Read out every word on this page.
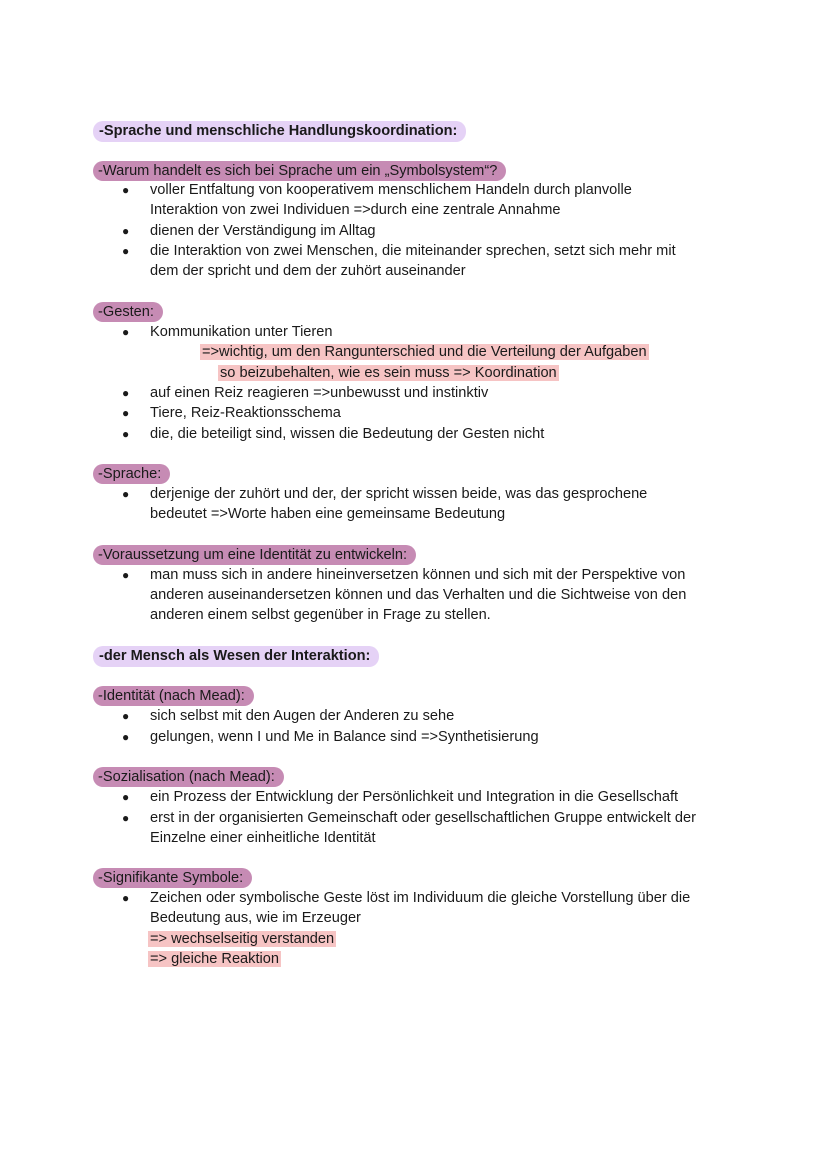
-Sprache und menschliche Handlungskoordination:
-Warum handelt es sich bei Sprache um ein „Symbolsystem“?
●	voller Entfaltung von kooperativem menschlichem Handeln durch planvolle
Interaktion von zwei Individuen =>durch eine zentrale Annahme
●	dienen der Verständigung im Alltag
●	die Interaktion von zwei Menschen, die miteinander sprechen, setzt sich mehr mit
dem der spricht und dem der zuhört auseinander
-Gesten:
●	Kommunikation unter Tieren
=>wichtig, um den Rangunterschied und die Verteilung der Aufgaben
so beizubehalten, wie es sein muss => Koordination
●	auf einen Reiz reagieren =>unbewusst und instinktiv
●	Tiere, Reiz-Reaktionsschema
●	die, die beteiligt sind, wissen die Bedeutung der Gesten nicht
-Sprache:
●	derjenige der zuhört und der, der spricht wissen beide, was das gesprochene
bedeutet =>Worte haben eine gemeinsame Bedeutung
-Voraussetzung um eine Identität zu entwickeln:
●	man muss sich in andere hineinversetzen können und sich mit der Perspektive von
anderen auseinandersetzen können und das Verhalten und die Sichtweise von den
anderen einem selbst gegenüber in Frage zu stellen.
-der Mensch als Wesen der Interaktion:
-Identität (nach Mead):
●	sich selbst mit den Augen der Anderen zu sehe
●	gelungen, wenn I und Me in Balance sind =>Synthetisierung
-Sozialisation (nach Mead):
●	ein Prozess der Entwicklung der Persönlichkeit und Integration in die Gesellschaft
●	erst in der organisierten Gemeinschaft oder gesellschaftlichen Gruppe entwickelt der
Einzelne einer einheitliche Identität
-Signifikante Symbole:
●	Zeichen oder symbolische Geste löst im Individuum die gleiche Vorstellung über die
Bedeutung aus, wie im Erzeuger
=> wechselseitig verstanden
=> gleiche Reaktion
